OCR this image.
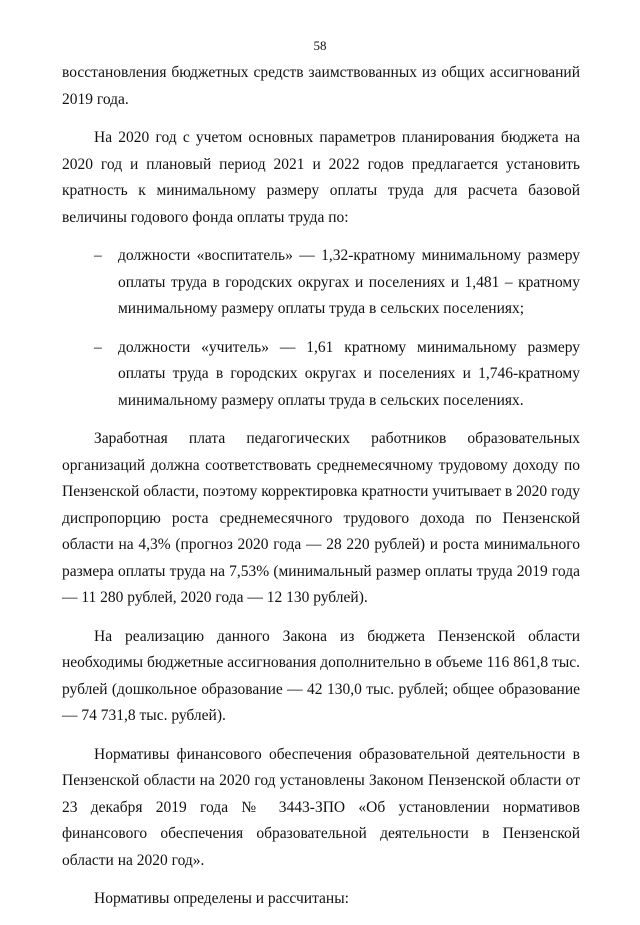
58

восстановления бюджетных средств заимствованных из общих ассигнований 2019 года.

На 2020 год с учетом основных параметров планирования бюджета на 2020 год и плановый период 2021 и 2022 годов предлагается установить кратность к минимальному размеру оплаты труда для расчета базовой величины годового фонда оплаты труда по:

– должности «воспитатель» — 1,32-кратному минимальному размеру оплаты труда в городских округах и поселениях и 1,481 – кратному минимальному размеру оплаты труда в сельских поселениях;
– должности «учитель» — 1,61 кратному минимальному размеру оплаты труда в городских округах и поселениях и 1,746-кратному минимальному размеру оплаты труда в сельских поселениях.

Заработная плата педагогических работников образовательных организаций должна соответствовать среднемесячному трудовому доходу по Пензенской области, поэтому корректировка кратности учитывает в 2020 году диспропорцию роста среднемесячного трудового дохода по Пензенской области на 4,3% (прогноз 2020 года — 28 220 рублей) и роста минимального размера оплаты труда на 7,53% (минимальный размер оплаты труда 2019 года — 11 280 рублей, 2020 года — 12 130 рублей).

На реализацию данного Закона из бюджета Пензенской области необходимы бюджетные ассигнования дополнительно в объеме 116 861,8 тыс. рублей (дошкольное образование — 42 130,0 тыс. рублей; общее образование — 74 731,8 тыс. рублей).

Нормативы финансового обеспечения образовательной деятельности в Пензенской области на 2020 год установлены Законом Пензенской области от 23 декабря 2019 года № 3443-ЗПО «Об установлении нормативов финансового обеспечения образовательной деятельности в Пензенской области на 2020 год».

Нормативы определены и рассчитаны:
